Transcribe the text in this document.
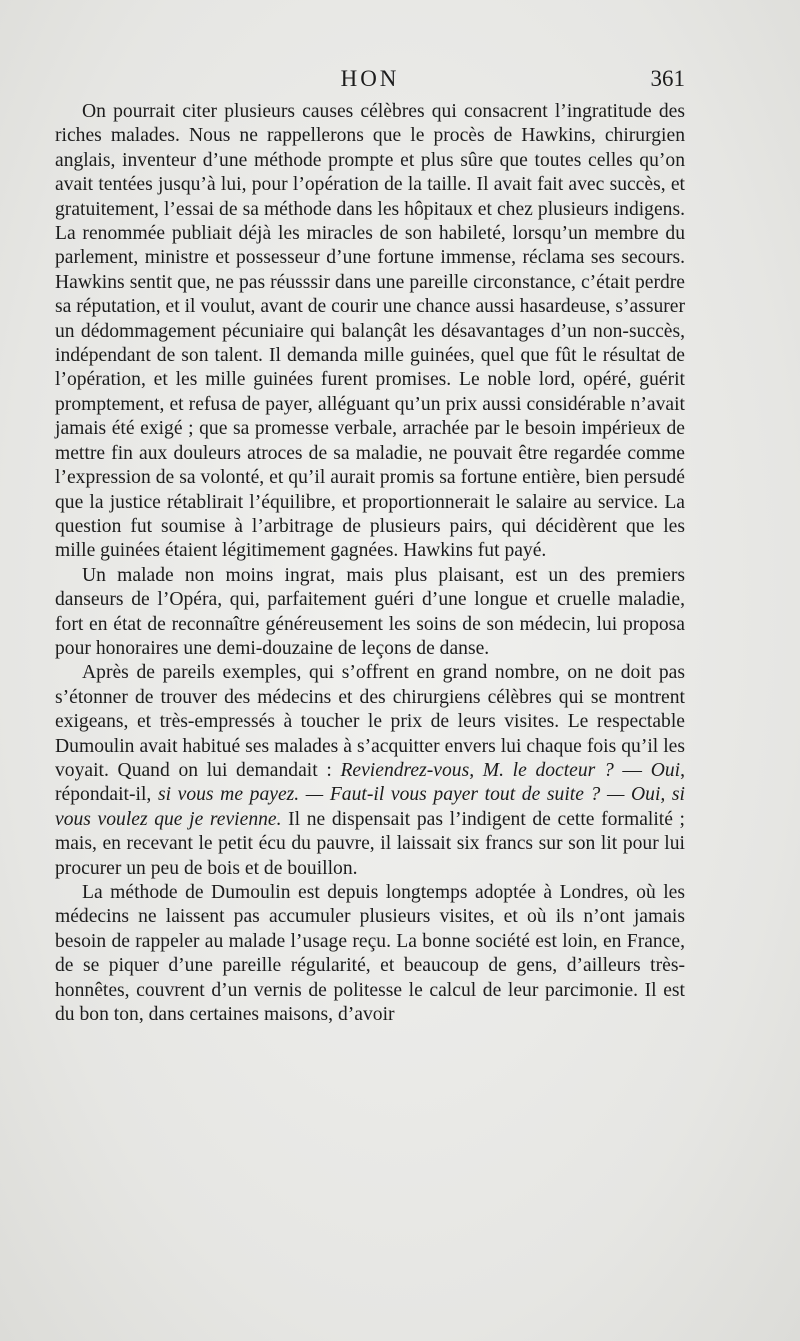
HON	361

On pourrait citer plusieurs causes célèbres qui consacrent l’ingratitude des riches malades. Nous ne rappellerons que le procès de Hawkins, chirurgien anglais, inventeur d’une méthode prompte et plus sûre que toutes celles qu’on avait tentées jusqu’à lui, pour l’opération de la taille. Il avait fait avec succès, et gratuitement, l’essai de sa méthode dans les hôpitaux et chez plusieurs indigens. La renommée publiait déjà les miracles de son habileté, lorsqu’un membre du parlement, ministre et possesseur d’une fortune immense, réclama ses secours. Hawkins sentit que, ne pas réusssir dans une pareille circonstance, c’était perdre sa réputation, et il voulut, avant de courir une chance aussi hasardeuse, s’assurer un dédommagement pécuniaire qui balançât les désavantages d’un non-succès, indépendant de son talent. Il demanda mille guinées, quel que fût le résultat de l’opération, et les mille guinées furent promises. Le noble lord, opéré, guérit promptement, et refusa de payer, alléguant qu’un prix aussi considérable n’avait jamais été exigé ; que sa promesse verbale, arrachée par le besoin impérieux de mettre fin aux douleurs atroces de sa maladie, ne pouvait être regardée comme l’expression de sa volonté, et qu’il aurait promis sa fortune entière, bien persudé que la justice rétablirait l’équilibre, et proportionnerait le salaire au service. La question fut soumise à l’arbitrage de plusieurs pairs, qui décidèrent que les mille guinées étaient légitimement gagnées. Hawkins fut payé.

Un malade non moins ingrat, mais plus plaisant, est un des premiers danseurs de l’Opéra, qui, parfaitement guéri d’une longue et cruelle maladie, fort en état de reconnaître généreusement les soins de son médecin, lui proposa pour honoraires une demi-douzaine de leçons de danse.

Après de pareils exemples, qui s’offrent en grand nombre, on ne doit pas s’étonner de trouver des médecins et des chirurgiens célèbres qui se montrent exigeans, et très-empressés à toucher le prix de leurs visites. Le respectable Dumoulin avait habitué ses malades à s’acquitter envers lui chaque fois qu’il les voyait. Quand on lui demandait : Reviendrez-vous, M. le docteur ? — Oui, répondait-il, si vous me payez. — Faut-il vous payer tout de suite ? — Oui, si vous voulez que je revienne. Il ne dispensait pas l’indigent de cette formalité ; mais, en recevant le petit écu du pauvre, il laissait six francs sur son lit pour lui procurer un peu de bois et de bouillon.

La méthode de Dumoulin est depuis longtemps adoptée à Londres, où les médecins ne laissent pas accumuler plusieurs visites, et où ils n’ont jamais besoin de rappeler au malade l’usage reçu. La bonne société est loin, en France, de se piquer d’une pareille régularité, et beaucoup de gens, d’ailleurs très-honnêtes, couvrent d’un vernis de politesse le calcul de leur parcimonie. Il est du bon ton, dans certaines maisons, d’avoir
